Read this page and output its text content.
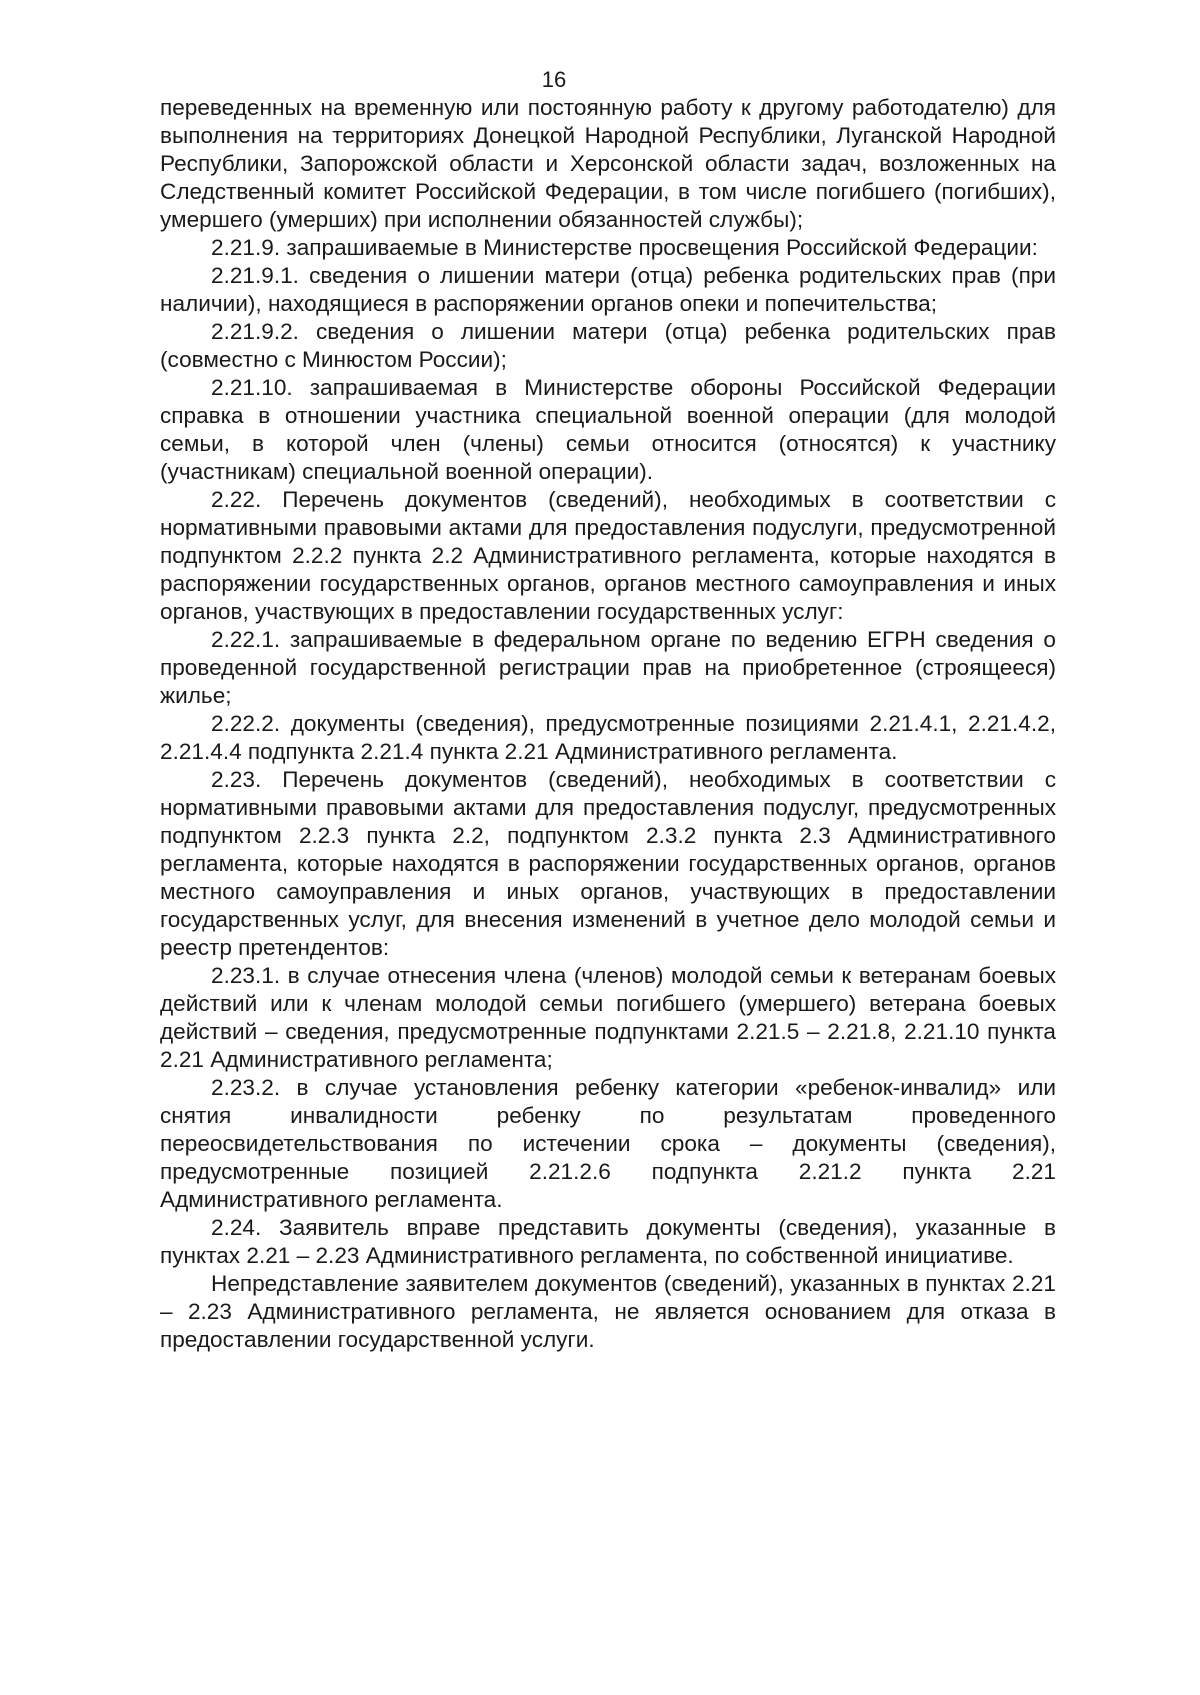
16

переведенных на временную или постоянную работу к другому работодателю) для выполнения на территориях Донецкой Народной Республики, Луганской Народной Республики, Запорожской области и Херсонской области задач, возложенных на Следственный комитет Российской Федерации, в том числе погибшего (погибших), умершего (умерших) при исполнении обязанностей службы);

2.21.9. запрашиваемые в Министерстве просвещения Российской Федерации:

2.21.9.1. сведения о лишении матери (отца) ребенка родительских прав (при наличии), находящиеся в распоряжении органов опеки и попечительства;

2.21.9.2. сведения о лишении матери (отца) ребенка родительских прав (совместно с Минюстом России);

2.21.10. запрашиваемая в Министерстве обороны Российской Федерации справка в отношении участника специальной военной операции (для молодой семьи, в которой член (члены) семьи относится (относятся) к участнику (участникам) специальной военной операции).

2.22. Перечень документов (сведений), необходимых в соответствии с нормативными правовыми актами для предоставления подуслуги, предусмотренной подпунктом 2.2.2 пункта 2.2 Административного регламента, которые находятся в распоряжении государственных органов, органов местного самоуправления и иных органов, участвующих в предоставлении государственных услуг:

2.22.1. запрашиваемые в федеральном органе по ведению ЕГРН сведения о проведенной государственной регистрации прав на приобретенное (строящееся) жилье;

2.22.2. документы (сведения), предусмотренные позициями 2.21.4.1, 2.21.4.2, 2.21.4.4 подпункта 2.21.4 пункта 2.21 Административного регламента.

2.23. Перечень документов (сведений), необходимых в соответствии с нормативными правовыми актами для предоставления подуслуг, предусмотренных подпунктом 2.2.3 пункта 2.2, подпунктом 2.3.2 пункта 2.3 Административного регламента, которые находятся в распоряжении государственных органов, органов местного самоуправления и иных органов, участвующих в предоставлении государственных услуг, для внесения изменений в учетное дело молодой семьи и реестр претендентов:

2.23.1. в случае отнесения члена (членов) молодой семьи к ветеранам боевых действий или к членам молодой семьи погибшего (умершего) ветерана боевых действий – сведения, предусмотренные подпунктами 2.21.5 – 2.21.8, 2.21.10 пункта 2.21 Административного регламента;

2.23.2. в случае установления ребенку категории «ребенок-инвалид» или снятия инвалидности ребенку по результатам проведенного переосвидетельствования по истечении срока – документы (сведения), предусмотренные позицией 2.21.2.6 подпункта 2.21.2 пункта 2.21 Административного регламента.

2.24. Заявитель вправе представить документы (сведения), указанные в пунктах 2.21 – 2.23 Административного регламента, по собственной инициативе.

Непредставление заявителем документов (сведений), указанных в пунктах 2.21 – 2.23 Административного регламента, не является основанием для отказа в предоставлении государственной услуги.
